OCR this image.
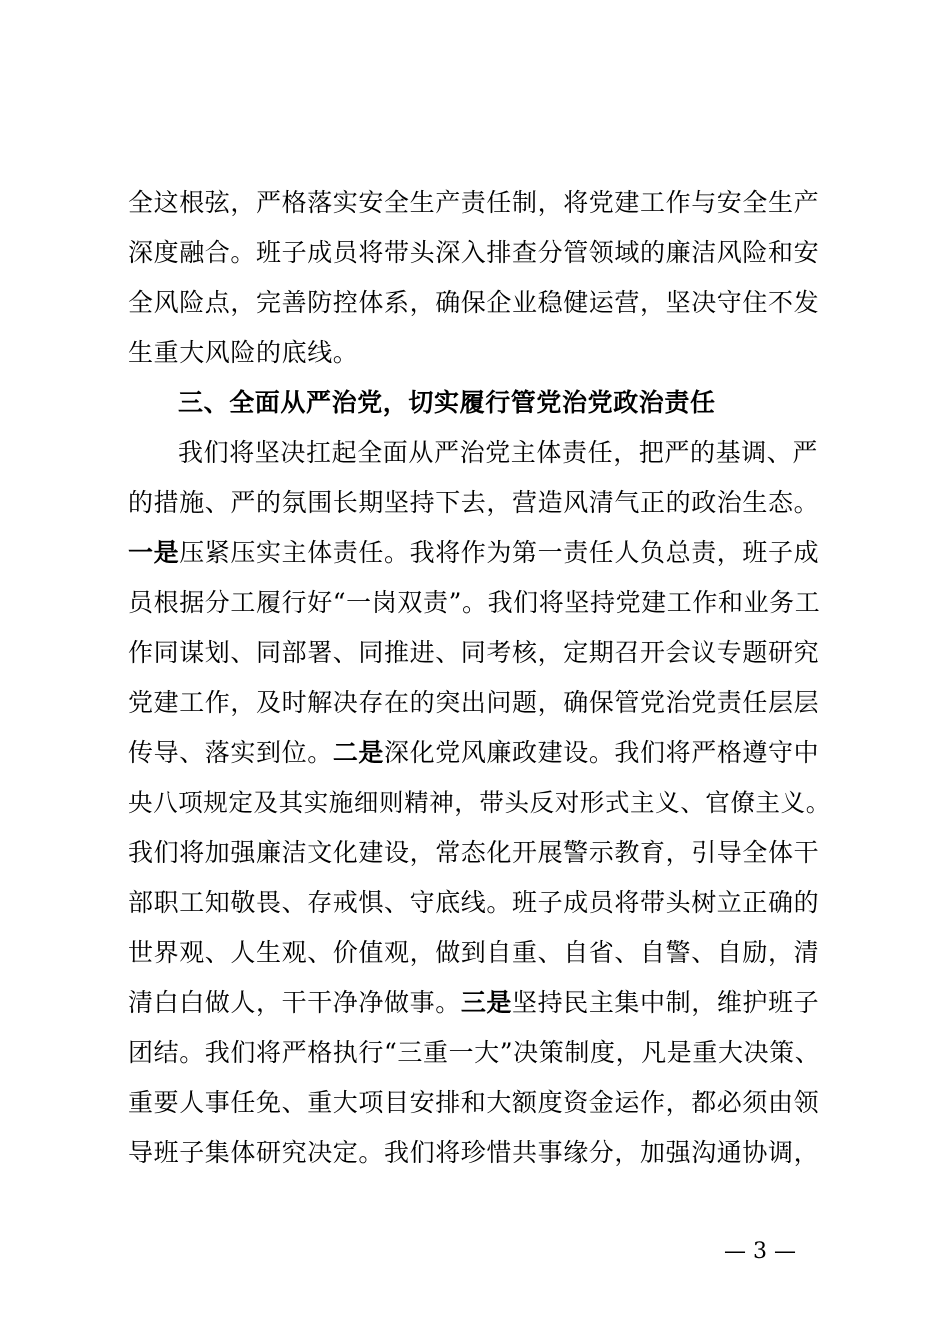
全这根弦，严格落实安全生产责任制，将党建工作与安全生产
深度融合。班子成员将带头深入排查分管领域的廉洁风险和安
全风险点，完善防控体系，确保企业稳健运营，坚决守住不发
生重大风险的底线。
三、全面从严治党，切实履行管党治党政治责任
我们将坚决扛起全面从严治党主体责任，把严的基调、严
的措施、严的氛围长期坚持下去，营造风清气正的政治生态。
一是压紧压实主体责任。我将作为第一责任人负总责，班子成
员根据分工履行好“一岗双责”。我们将坚持党建工作和业务工
作同谋划、同部署、同推进、同考核，定期召开会议专题研究
党建工作，及时解决存在的突出问题，确保管党治党责任层层
传导、落实到位。二是深化党风廉政建设。我们将严格遵守中
央八项规定及其实施细则精神，带头反对形式主义、官僚主义。
我们将加强廉洁文化建设，常态化开展警示教育，引导全体干
部职工知敬畏、存戒惧、守底线。班子成员将带头树立正确的
世界观、人生观、价值观，做到自重、自省、自警、自励，清
清白白做人，干干净净做事。三是坚持民主集中制，维护班子
团结。我们将严格执行“三重一大”决策制度，凡是重大决策、
重要人事任免、重大项目安排和大额度资金运作，都必须由领
导班子集体研究决定。我们将珍惜共事缘分，加强沟通协调，
— 3 —
